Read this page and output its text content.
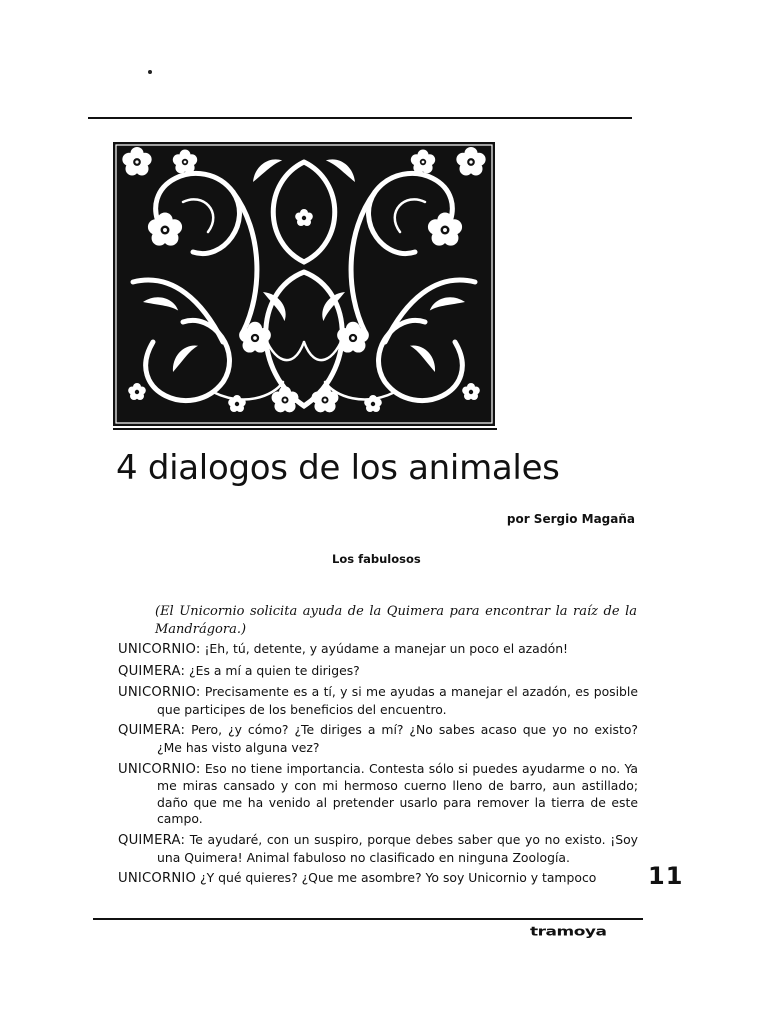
4 dialogos de los animales
por Sergio Magaña
Los fabulosos
(El Unicornio solicita ayuda de la Quimera para encontrar la raíz de la Mandrágora.)

UNICORNIO: ¡Eh, tú, detente, y ayúdame a manejar un poco el azadón!

QUIMERA: ¿Es a mí a quien te diriges?

UNICORNIO: Precisamente es a tí, y si me ayudas a manejar el azadón, es posible que participes de los beneficios del encuentro.

QUIMERA: Pero, ¿y cómo? ¿Te diriges a mí? ¿No sabes acaso que yo no existo? ¿Me has visto alguna vez?

UNICORNIO: Eso no tiene importancia. Contesta sólo si puedes ayudarme o no. Ya me miras cansado y con mi hermoso cuerno lleno de barro, aun astillado; daño que me ha venido al pretender usarlo para remover la tierra de este campo.

QUIMERA: Te ayudaré, con un suspiro, porque debes saber que yo no existo. ¡Soy una Quimera! Animal fabuloso no clasificado en ninguna Zoología.

UNICORNIO ¿Y qué quieres? ¿Que me asombre? Yo soy Unicornio y tampoco	11
tramoya
